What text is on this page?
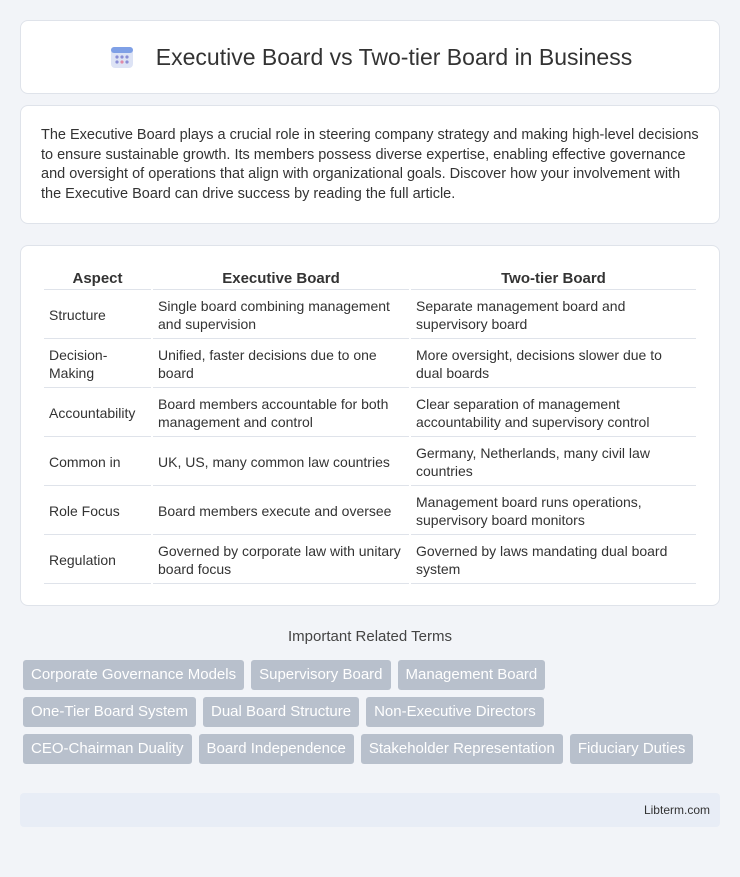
Executive Board vs Two-tier Board in Business

The Executive Board plays a crucial role in steering company strategy and making high-level decisions to ensure sustainable growth. Its members possess diverse expertise, enabling effective governance and oversight of operations that align with organizational goals. Discover how your involvement with the Executive Board can drive success by reading the full article.

Aspect	Executive Board	Two-tier Board
Structure	Single board combining management and supervision	Separate management board and supervisory board
Decision-Making	Unified, faster decisions due to one board	More oversight, decisions slower due to dual boards
Accountability	Board members accountable for both management and control	Clear separation of management accountability and supervisory control
Common in	UK, US, many common law countries	Germany, Netherlands, many civil law countries
Role Focus	Board members execute and oversee	Management board runs operations, supervisory board monitors
Regulation	Governed by corporate law with unitary board focus	Governed by laws mandating dual board system
Important Related Terms
Corporate Governance Models	Supervisory Board	Management Board
One-Tier Board System	Dual Board Structure	Non-Executive Directors
CEO-Chairman Duality	Board Independence	Stakeholder Representation	Fiduciary Duties
Libterm.com
